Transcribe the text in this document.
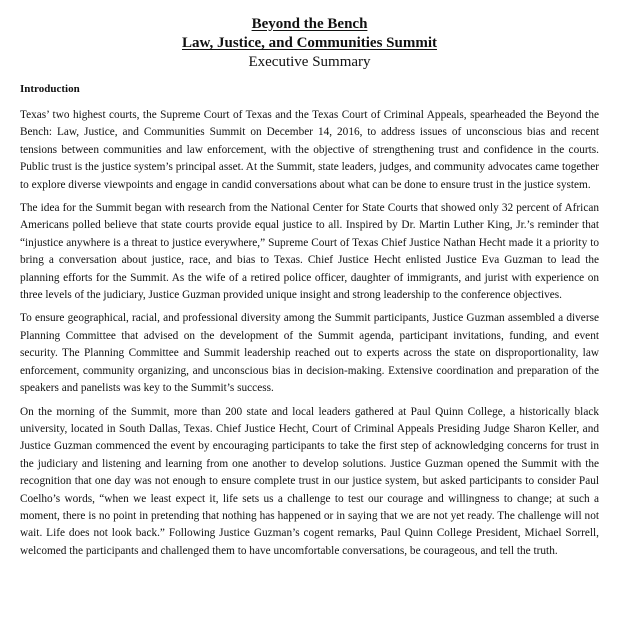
Beyond the Bench
Law, Justice, and Communities Summit
Executive Summary
Introduction

Texas’ two highest courts, the Supreme Court of Texas and the Texas Court of Criminal Appeals, spearheaded the Beyond the Bench: Law, Justice, and Communities Summit on December 14, 2016, to address issues of unconscious bias and recent tensions between communities and law enforcement, with the objective of strengthening trust and confidence in the courts. Public trust is the justice system’s principal asset. At the Summit, state leaders, judges, and community advocates came together to explore diverse viewpoints and engage in candid conversations about what can be done to ensure trust in the justice system.

The idea for the Summit began with research from the National Center for State Courts that showed only 32 percent of African Americans polled believe that state courts provide equal justice to all. Inspired by Dr. Martin Luther King, Jr.’s reminder that “injustice anywhere is a threat to justice everywhere,” Supreme Court of Texas Chief Justice Nathan Hecht made it a priority to bring a conversation about justice, race, and bias to Texas. Chief Justice Hecht enlisted Justice Eva Guzman to lead the planning efforts for the Summit. As the wife of a retired police officer, daughter of immigrants, and jurist with experience on three levels of the judiciary, Justice Guzman provided unique insight and strong leadership to the conference objectives.

To ensure geographical, racial, and professional diversity among the Summit participants, Justice Guzman assembled a diverse Planning Committee that advised on the development of the Summit agenda, participant invitations, funding, and event security. The Planning Committee and Summit leadership reached out to experts across the state on disproportionality, law enforcement, community organizing, and unconscious bias in decision-making. Extensive coordination and preparation of the speakers and panelists was key to the Summit’s success.

On the morning of the Summit, more than 200 state and local leaders gathered at Paul Quinn College, a historically black university, located in South Dallas, Texas. Chief Justice Hecht, Court of Criminal Appeals Presiding Judge Sharon Keller, and Justice Guzman commenced the event by encouraging participants to take the first step of acknowledging concerns for trust in the judiciary and listening and learning from one another to develop solutions. Justice Guzman opened the Summit with the recognition that one day was not enough to ensure complete trust in our justice system, but asked participants to consider Paul Coelho’s words, “when we least expect it, life sets us a challenge to test our courage and willingness to change; at such a moment, there is no point in pretending that nothing has happened or in saying that we are not yet ready. The challenge will not wait. Life does not look back.” Following Justice Guzman’s cogent remarks, Paul Quinn College President, Michael Sorrell, welcomed the participants and challenged them to have uncomfortable conversations, be courageous, and tell the truth.
